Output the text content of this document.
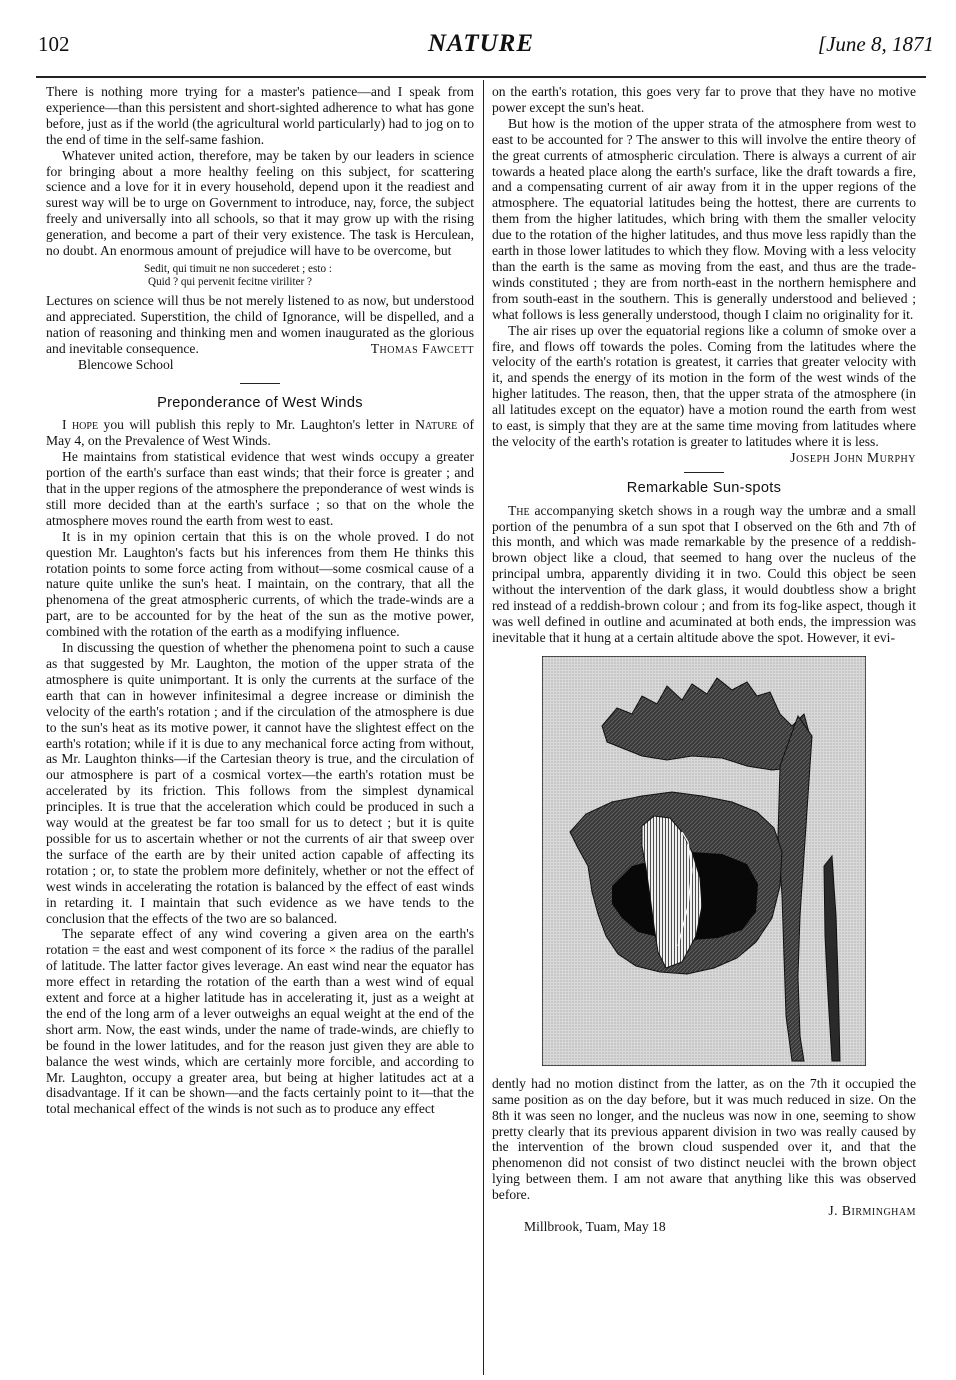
102	NATURE	[June 8, 1871

There is nothing more trying for a master's patience—and I speak from experience—than this persistent and short-sighted adherence to what has gone before, just as if the world (the agricultural world particularly) had to jog on to the end of time in the self-same fashion.

Whatever united action, therefore, may be taken by our leaders in science for bringing about a more healthy feeling on this subject, for scattering science and a love for it in every household, depend upon it the readiest and surest way will be to urge on Government to introduce, nay, force, the subject freely and universally into all schools, so that it may grow up with the rising generation, and become a part of their very existence. The task is Herculean, no doubt. An enormous amount of prejudice will have to be overcome, but

Sedit, qui timuit ne non succederet ; esto :
Quid ? qui pervenit fecitne viriliter ?

Lectures on science will thus be not merely listened to as now, but understood and appreciated. Superstition, the child of Ignorance, will be dispelled, and a nation of reasoning and thinking men and women inaugurated as the glorious and inevitable consequence.	Thomas Fawcett

Blencowe School

Preponderance of West Winds

I hope you will publish this reply to Mr. Laughton's letter in Nature of May 4, on the Prevalence of West Winds.

He maintains from statistical evidence that west winds occupy a greater portion of the earth's surface than east winds; that their force is greater ; and that in the upper regions of the atmosphere the preponderance of west winds is still more decided than at the earth's surface ; so that on the whole the atmosphere moves round the earth from west to east.

It is in my opinion certain that this is on the whole proved. I do not question Mr. Laughton's facts but his inferences from them He thinks this rotation points to some force acting from without—some cosmical cause of a nature quite unlike the sun's heat. I maintain, on the contrary, that all the phenomena of the great atmospheric currents, of which the trade-winds are a part, are to be accounted for by the heat of the sun as the motive power, combined with the rotation of the earth as a modifying influence.

In discussing the question of whether the phenomena point to such a cause as that suggested by Mr. Laughton, the motion of the upper strata of the atmosphere is quite unimportant. It is only the currents at the surface of the earth that can in however infinitesimal a degree increase or diminish the velocity of the earth's rotation ; and if the circulation of the atmosphere is due to the sun's heat as its motive power, it cannot have the slightest effect on the earth's rotation; while if it is due to any mechanical force acting from without, as Mr. Laughton thinks—if the Cartesian theory is true, and the circulation of our atmosphere is part of a cosmical vortex—the earth's rotation must be accelerated by its friction. This follows from the simplest dynamical principles. It is true that the acceleration which could be produced in such a way would at the greatest be far too small for us to detect ; but it is quite possible for us to ascertain whether or not the currents of air that sweep over the surface of the earth are by their united action capable of affecting its rotation ; or, to state the problem more definitely, whether or not the effect of west winds in accelerating the rotation is balanced by the effect of east winds in retarding it. I maintain that such evidence as we have tends to the conclusion that the effects of the two are so balanced.

The separate effect of any wind covering a given area on the earth's rotation = the east and west component of its force × the radius of the parallel of latitude. The latter factor gives leverage. An east wind near the equator has more effect in retarding the rotation of the earth than a west wind of equal extent and force at a higher latitude has in accelerating it, just as a weight at the end of the long arm of a lever outweighs an equal weight at the end of the short arm. Now, the east winds, under the name of trade-winds, are chiefly to be found in the lower latitudes, and for the reason just given they are able to balance the west winds, which are certainly more forcible, and according to Mr. Laughton, occupy a greater area, but being at higher latitudes act at a disadvantage. If it can be shown—and the facts certainly point to it—that the total mechanical effect of the winds is not such as to produce any effect

on the earth's rotation, this goes very far to prove that they have no motive power except the sun's heat.

But how is the motion of the upper strata of the atmosphere from west to east to be accounted for ? The answer to this will involve the entire theory of the great currents of atmospheric circulation. There is always a current of air towards a heated place along the earth's surface, like the draft towards a fire, and a compensating current of air away from it in the upper regions of the atmosphere. The equatorial latitudes being the hottest, there are currents to them from the higher latitudes, which bring with them the smaller velocity due to the rotation of the higher latitudes, and thus move less rapidly than the earth in those lower latitudes to which they flow. Moving with a less velocity than the earth is the same as moving from the east, and thus are the trade-winds constituted ; they are from north-east in the northern hemisphere and from south-east in the southern. This is generally understood and believed ; what follows is less generally understood, though I claim no originality for it.

The air rises up over the equatorial regions like a column of smoke over a fire, and flows off towards the poles. Coming from the latitudes where the velocity of the earth's rotation is greatest, it carries that greater velocity with it, and spends the energy of its motion in the form of the west winds of the higher latitudes. The reason, then, that the upper strata of the atmosphere (in all latitudes except on the equator) have a motion round the earth from west to east, is simply that they are at the same time moving from latitudes where the velocity of the earth's rotation is greater to latitudes where it is less.
Joseph John Murphy

Remarkable Sun-spots

The accompanying sketch shows in a rough way the umbræ and a small portion of the penumbra of a sun spot that I observed on the 6th and 7th of this month, and which was made remarkable by the presence of a reddish-brown object like a cloud, that seemed to hang over the nucleus of the principal umbra, apparently dividing it in two. Could this object be seen without the intervention of the dark glass, it would doubtless show a bright red instead of a reddish-brown colour ; and from its fog-like aspect, though it was well defined in outline and acuminated at both ends, the impression was inevitable that it hung at a certain altitude above the spot. However, it evi-

dently had no motion distinct from the latter, as on the 7th it occupied the same position as on the day before, but it was much reduced in size. On the 8th it was seen no longer, and the nucleus was now in one, seeming to show pretty clearly that its previous apparent division in two was really caused by the intervention of the brown cloud suspended over it, and that the phenomenon did not consist of two distinct neuclei with the brown object lying between them. I am not aware that anything like this was observed before.

J. Birmingham

Millbrook, Tuam, May 18
